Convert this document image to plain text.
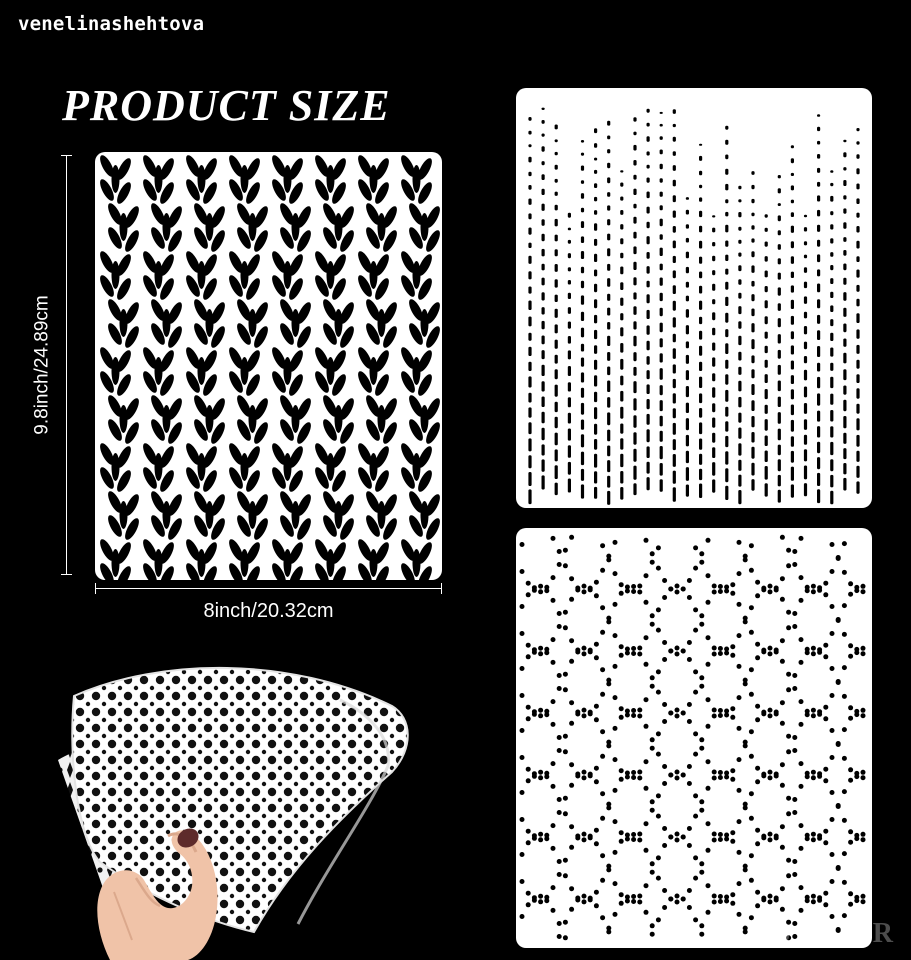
venelinashehtova
PRODUCT SIZE
9.8inch/24.89cm
8inch/20.32cm
BAZAR
